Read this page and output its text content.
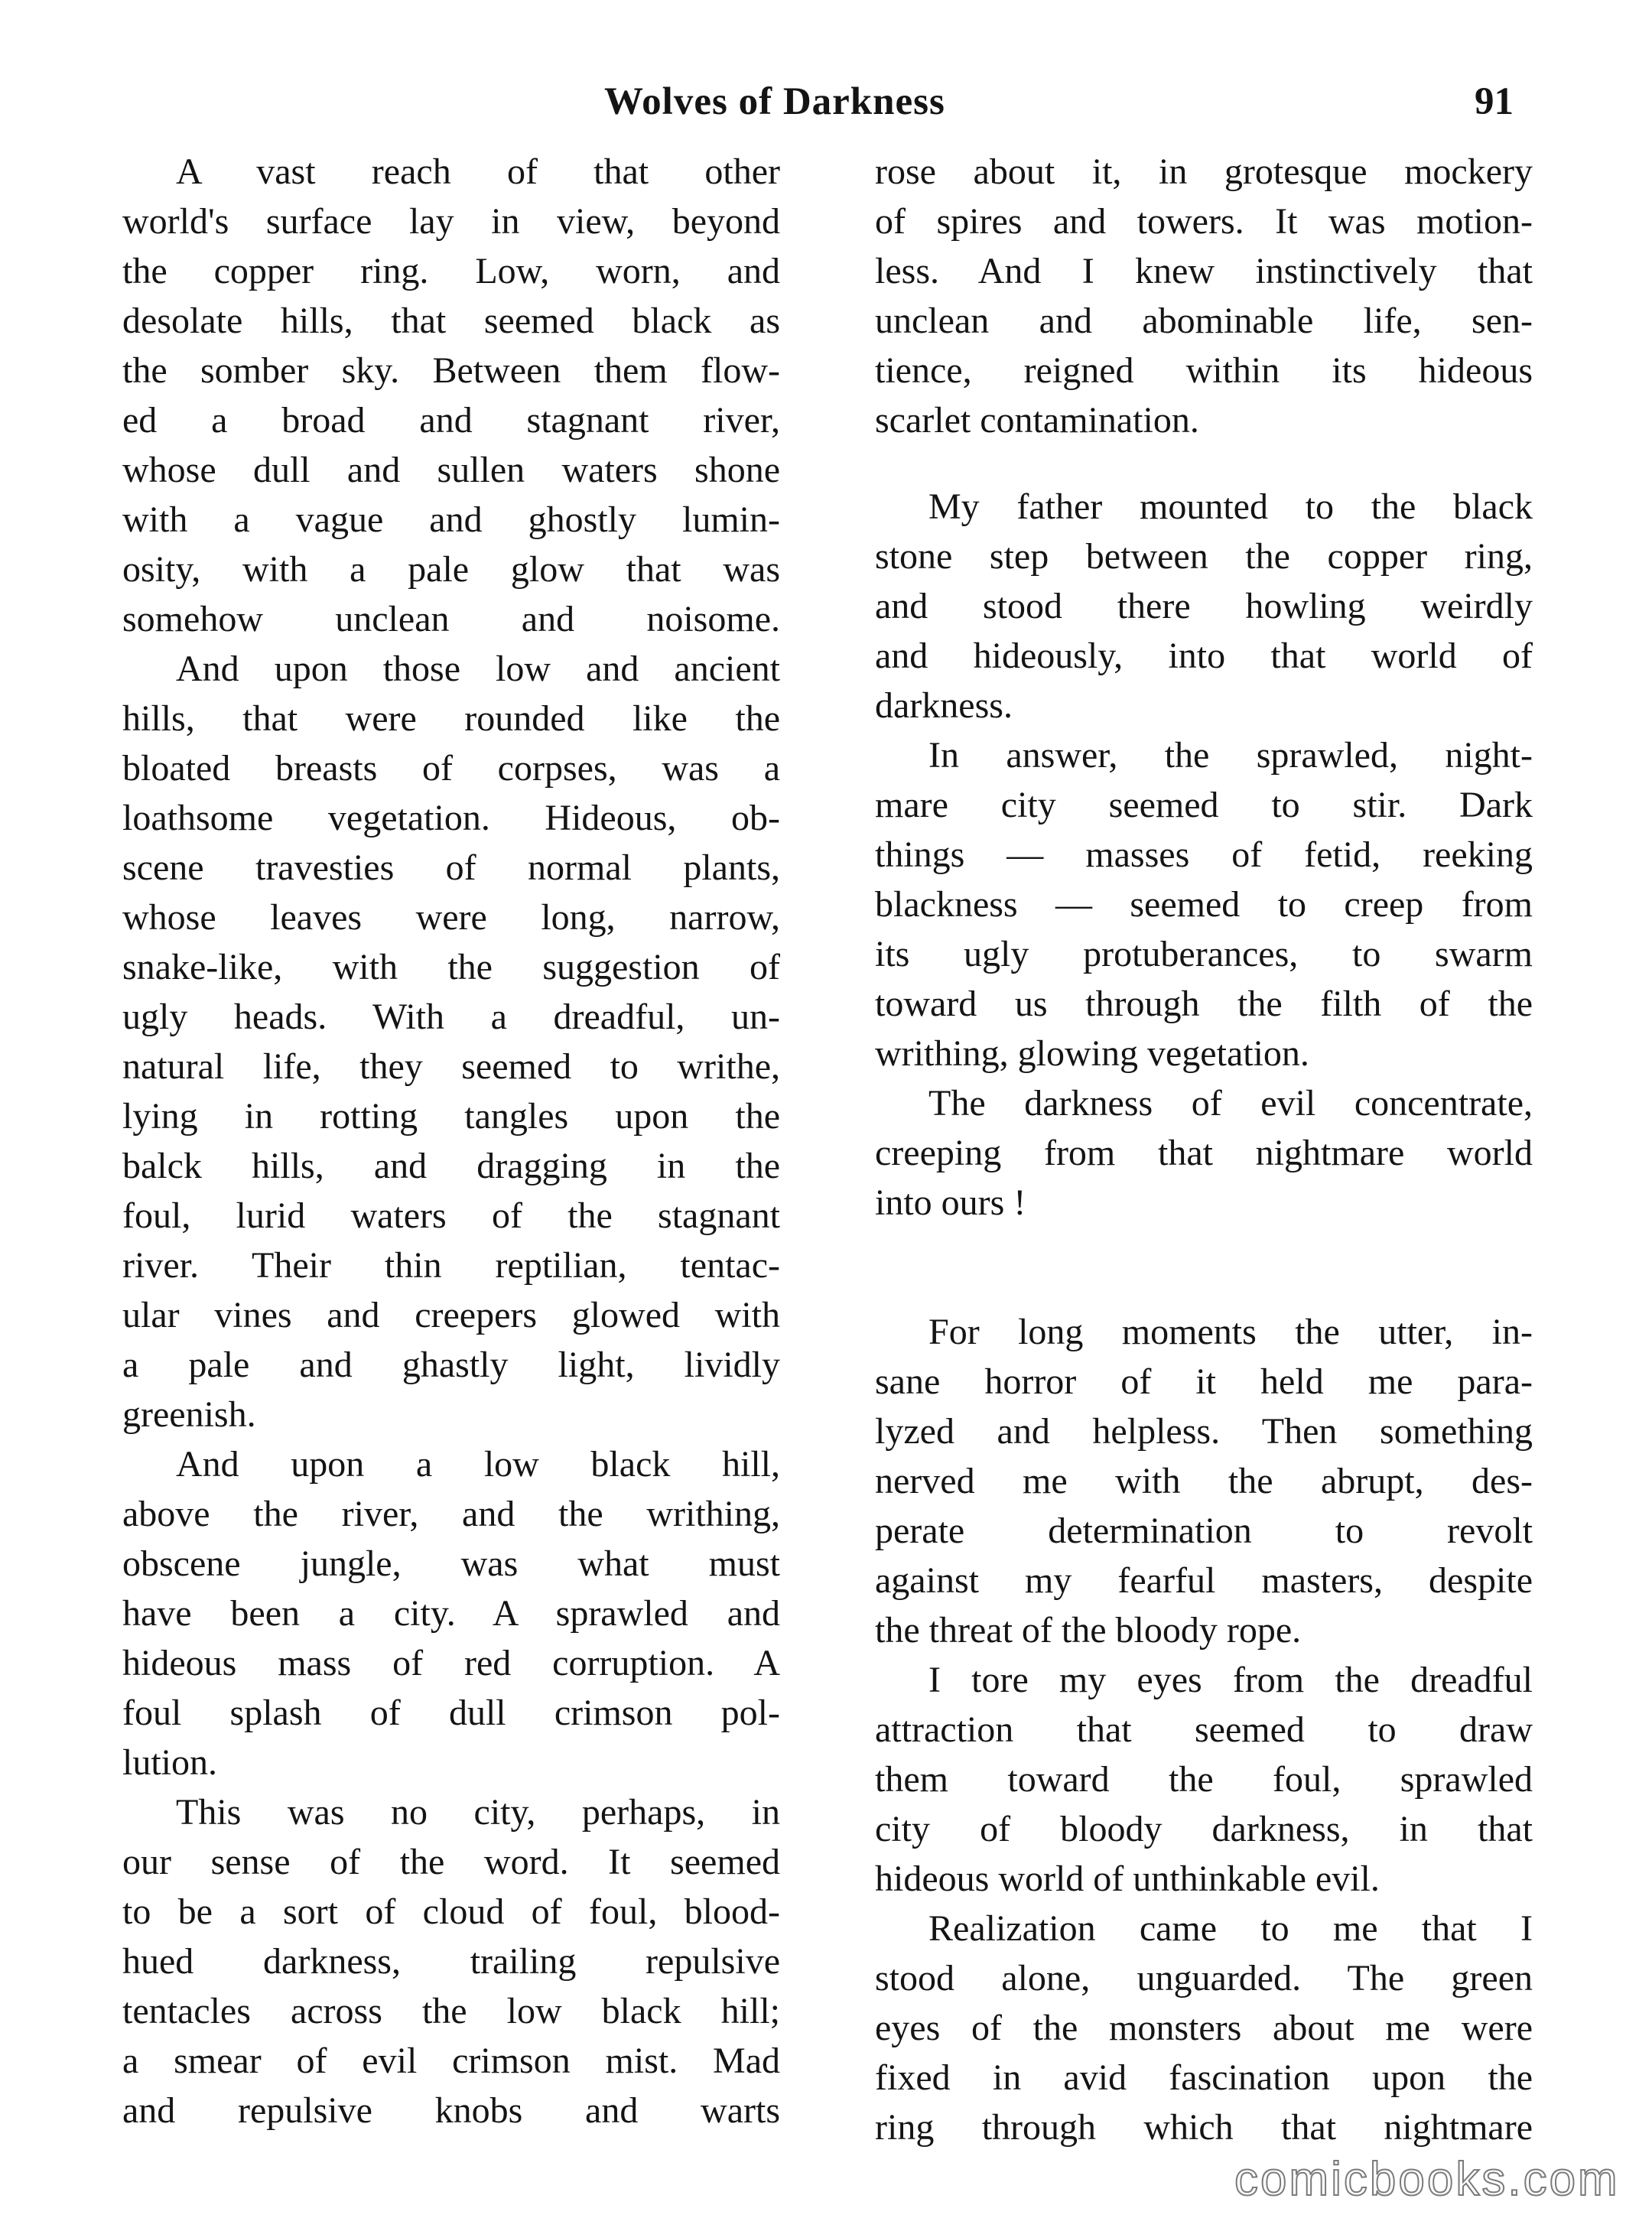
Wolves of Darkness	91
A vast reach of that other
world's surface lay in view, beyond
the copper ring. Low, worn, and
desolate hills, that seemed black as
the somber sky. Between them flow-
ed a broad and stagnant river,
whose dull and sullen waters shone
with a vague and ghostly lumin-
osity, with a pale glow that was
somehow unclean and noisome.
And upon those low and ancient
hills, that were rounded like the
bloated breasts of corpses, was a
loathsome vegetation. Hideous, ob-
scene travesties of normal plants,
whose leaves were long, narrow,
snake-like, with the suggestion of
ugly heads. With a dreadful, un-
natural life, they seemed to writhe,
lying in rotting tangles upon the
balck hills, and dragging in the
foul, lurid waters of the stagnant
river. Their thin reptilian, tentac-
ular vines and creepers glowed with
a pale and ghastly light, lividly
greenish.
And upon a low black hill,
above the river, and the writhing,
obscene jungle, was what must
have been a city. A sprawled and
hideous mass of red corruption. A
foul splash of dull crimson pol-
lution.
This was no city, perhaps, in
our sense of the word. It seemed
to be a sort of cloud of foul, blood-
hued darkness, trailing repulsive
tentacles across the low black hill;
a smear of evil crimson mist. Mad
and repulsive knobs and warts
rose about it, in grotesque mockery
of spires and towers. It was motion-
less. And I knew instinctively that
unclean and abominable life, sen-
tience, reigned within its hideous
scarlet contamination.
My father mounted to the black
stone step between the copper ring,
and stood there howling weirdly
and hideously, into that world of
darkness.
In answer, the sprawled, night-
mare city seemed to stir. Dark
things — masses of fetid, reeking
blackness — seemed to creep from
its ugly protuberances, to swarm
toward us through the filth of the
writhing, glowing vegetation.
The darkness of evil concentrate,
creeping from that nightmare world
into ours !
For long moments the utter, in-
sane horror of it held me para-
lyzed and helpless. Then something
nerved me with the abrupt, des-
perate determination to revolt
against my fearful masters, despite
the threat of the bloody rope.
I tore my eyes from the dreadful
attraction that seemed to draw
them toward the foul, sprawled
city of bloody darkness, in that
hideous world of unthinkable evil.
Realization came to me that I
stood alone, unguarded. The green
eyes of the monsters about me were
fixed in avid fascination upon the
ring through which that nightmare
comicbooks.com
